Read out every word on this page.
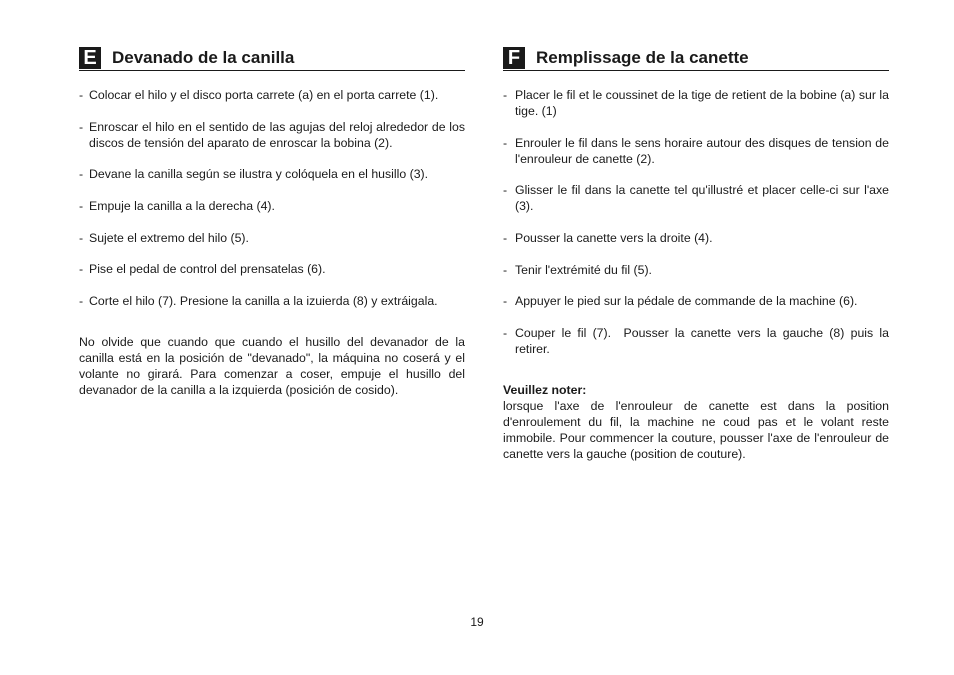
E Devanado de la canilla
- Colocar el hilo y el disco porta carrete (a) en el porta carrete (1).
- Enroscar el hilo en el sentido de las agujas del reloj alrededor de los discos de tensión del aparato de enroscar la bobina (2).
- Devane la canilla según se ilustra y colóquela en el husillo (3).
- Empuje la canilla a la derecha (4).
- Sujete el extremo del hilo (5).
- Pise el pedal de control del prensatelas (6).
- Corte el hilo (7). Presione la canilla a la izuierda (8) y extráigala.

No olvide que cuando que cuando el husillo del devanador de la canilla está en la posición de "devanado", la máquina no coserá y el volante no girará. Para comenzar a coser, empuje el husillo del devanador de la canilla a la izquierda (posición de cosido).

F Remplissage de la canette
- Placer le fil et le coussinet de la tige de retient de la bobine (a) sur la tige. (1)
- Enrouler le fil dans le sens horaire autour des disques de tension de l'enrouleur de canette (2).
- Glisser le fil dans la canette tel qu'illustré et placer celle-ci sur l'axe (3).
- Pousser la canette vers la droite (4).
- Tenir l'extrémité du fil (5).
- Appuyer le pied sur la pédale de commande de la machine (6).
- Couper le fil (7).  Pousser la canette vers la gauche (8) puis la retirer.

Veuillez noter:

lorsque l'axe de l'enrouleur de canette est dans la position d'enroulement du fil, la machine ne coud pas et le volant reste immobile. Pour commencer la couture, pousser l'axe de l'enrouleur de canette vers la gauche (position de couture).

19
